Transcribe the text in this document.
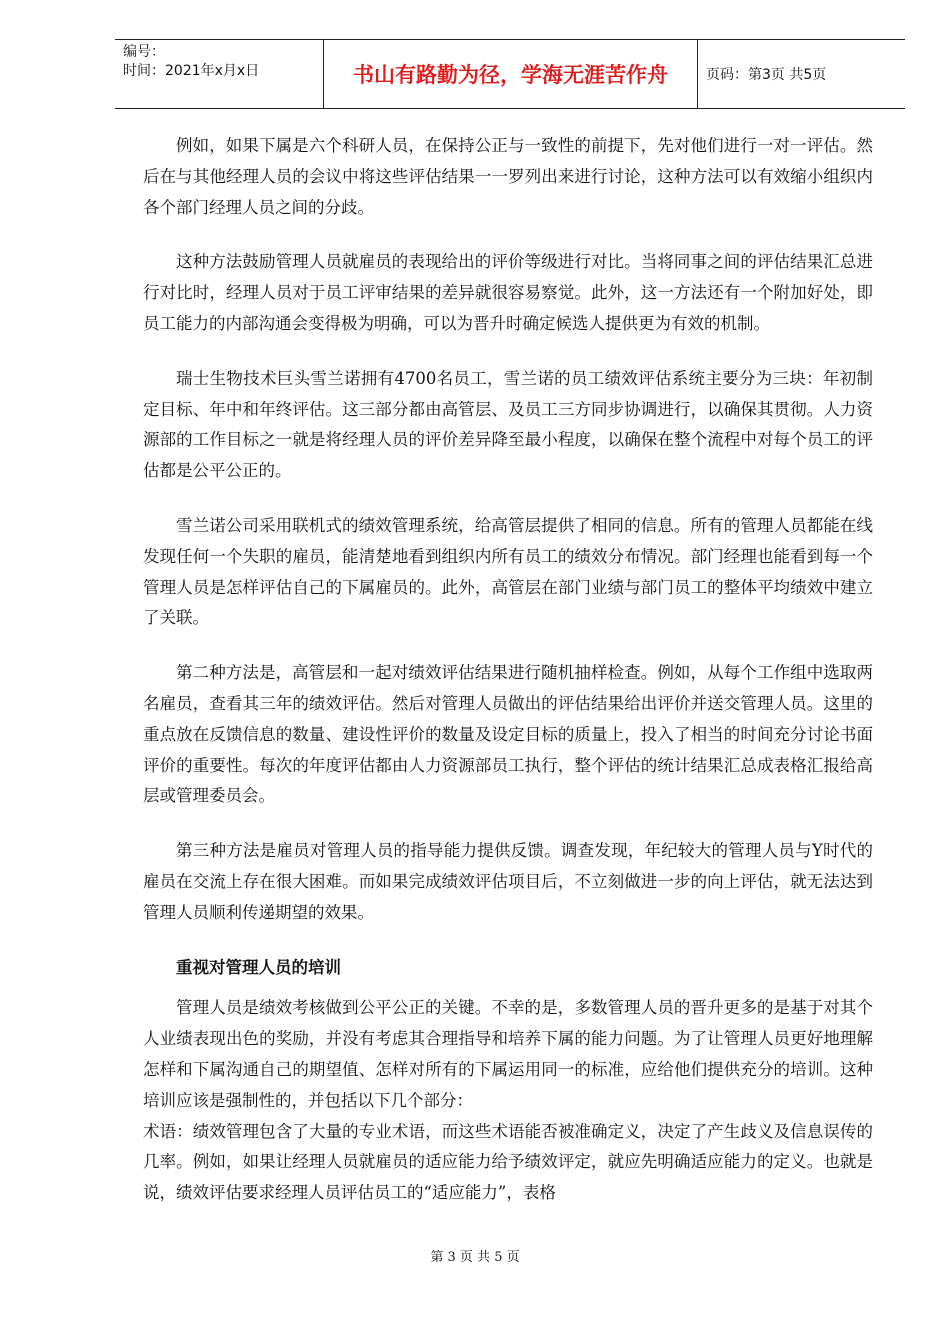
编号：
时间：2021年x月x日	书山有路勤为径，学海无涯苦作舟	页码：第3页 共5页

例如，如果下属是六个科研人员，在保持公正与一致性的前提下，先对他们进行一对一评估。然后在与其他经理人员的会议中将这些评估结果一一罗列出来进行讨论，这种方法可以有效缩小组织内各个部门经理人员之间的分歧。

这种方法鼓励管理人员就雇员的表现给出的评价等级进行对比。当将同事之间的评估结果汇总进行对比时，经理人员对于员工评审结果的差异就很容易察觉。此外，这一方法还有一个附加好处，即员工能力的内部沟通会变得极为明确，可以为晋升时确定候选人提供更为有效的机制。

瑞士生物技术巨头雪兰诺拥有4700名员工，雪兰诺的员工绩效评估系统主要分为三块：年初制定目标、年中和年终评估。这三部分都由高管层、及员工三方同步协调进行，以确保其贯彻。人力资源部的工作目标之一就是将经理人员的评价差异降至最小程度，以确保在整个流程中对每个员工的评估都是公平公正的。

雪兰诺公司采用联机式的绩效管理系统，给高管层提供了相同的信息。所有的管理人员都能在线发现任何一个失职的雇员，能清楚地看到组织内所有员工的绩效分布情况。部门经理也能看到每一个管理人员是怎样评估自己的下属雇员的。此外，高管层在部门业绩与部门员工的整体平均绩效中建立了关联。

第二种方法是，高管层和一起对绩效评估结果进行随机抽样检查。例如，从每个工作组中选取两名雇员，查看其三年的绩效评估。然后对管理人员做出的评估结果给出评价并送交管理人员。这里的重点放在反馈信息的数量、建设性评价的数量及设定目标的质量上，投入了相当的时间充分讨论书面评价的重要性。每次的年度评估都由人力资源部员工执行，整个评估的统计结果汇总成表格汇报给高层或管理委员会。

第三种方法是雇员对管理人员的指导能力提供反馈。调查发现，年纪较大的管理人员与Y时代的雇员在交流上存在很大困难。而如果完成绩效评估项目后，不立刻做进一步的向上评估，就无法达到管理人员顺利传递期望的效果。

重视对管理人员的培训

管理人员是绩效考核做到公平公正的关键。不幸的是，多数管理人员的晋升更多的是基于对其个人业绩表现出色的奖励，并没有考虑其合理指导和培养下属的能力问题。为了让管理人员更好地理解怎样和下属沟通自己的期望值、怎样对所有的下属运用同一的标准，应给他们提供充分的培训。这种培训应该是强制性的，并包括以下几个部分：

术语：绩效管理包含了大量的专业术语，而这些术语能否被准确定义，决定了产生歧义及信息误传的几率。例如，如果让经理人员就雇员的适应能力给予绩效评定，就应先明确适应能力的定义。也就是说，绩效评估要求经理人员评估员工的“适应能力”，表格

第 3 页 共 5 页
